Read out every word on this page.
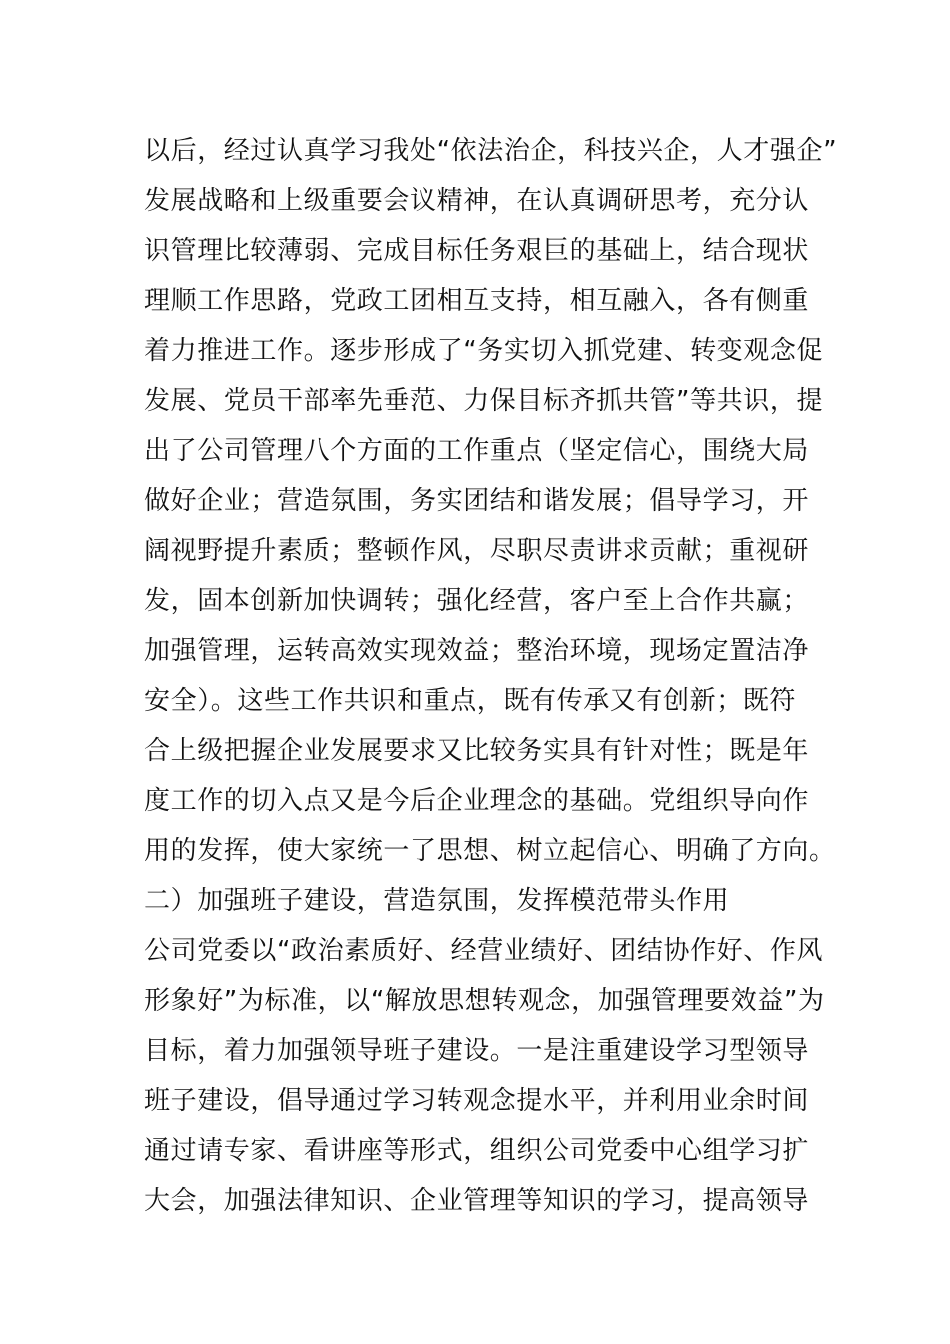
以后，经过认真学习我处“依法治企，科技兴企，人才强企”
发展战略和上级重要会议精神，在认真调研思考，充分认
识管理比较薄弱、完成目标任务艰巨的基础上，结合现状
理顺工作思路，党政工团相互支持，相互融入，各有侧重
着力推进工作。逐步形成了“务实切入抓党建、转变观念促
发展、党员干部率先垂范、力保目标齐抓共管”等共识，提
出了公司管理八个方面的工作重点（坚定信心，围绕大局
做好企业；营造氛围，务实团结和谐发展；倡导学习，开
阔视野提升素质；整顿作风，尽职尽责讲求贡献；重视研
发，固本创新加快调转；强化经营，客户至上合作共赢；
加强管理，运转高效实现效益；整治环境，现场定置洁净
安全）。这些工作共识和重点，既有传承又有创新；既符
合上级把握企业发展要求又比较务实具有针对性；既是年
度工作的切入点又是今后企业理念的基础。党组织导向作
用的发挥，使大家统一了思想、树立起信心、明确了方向。
二）加强班子建设，营造氛围，发挥模范带头作用
公司党委以“政治素质好、经营业绩好、团结协作好、作风
形象好”为标准，以“解放思想转观念，加强管理要效益”为
目标，着力加强领导班子建设。一是注重建设学习型领导
班子建设，倡导通过学习转观念提水平，并利用业余时间
通过请专家、看讲座等形式，组织公司党委中心组学习扩
大会，加强法律知识、企业管理等知识的学习，提高领导
